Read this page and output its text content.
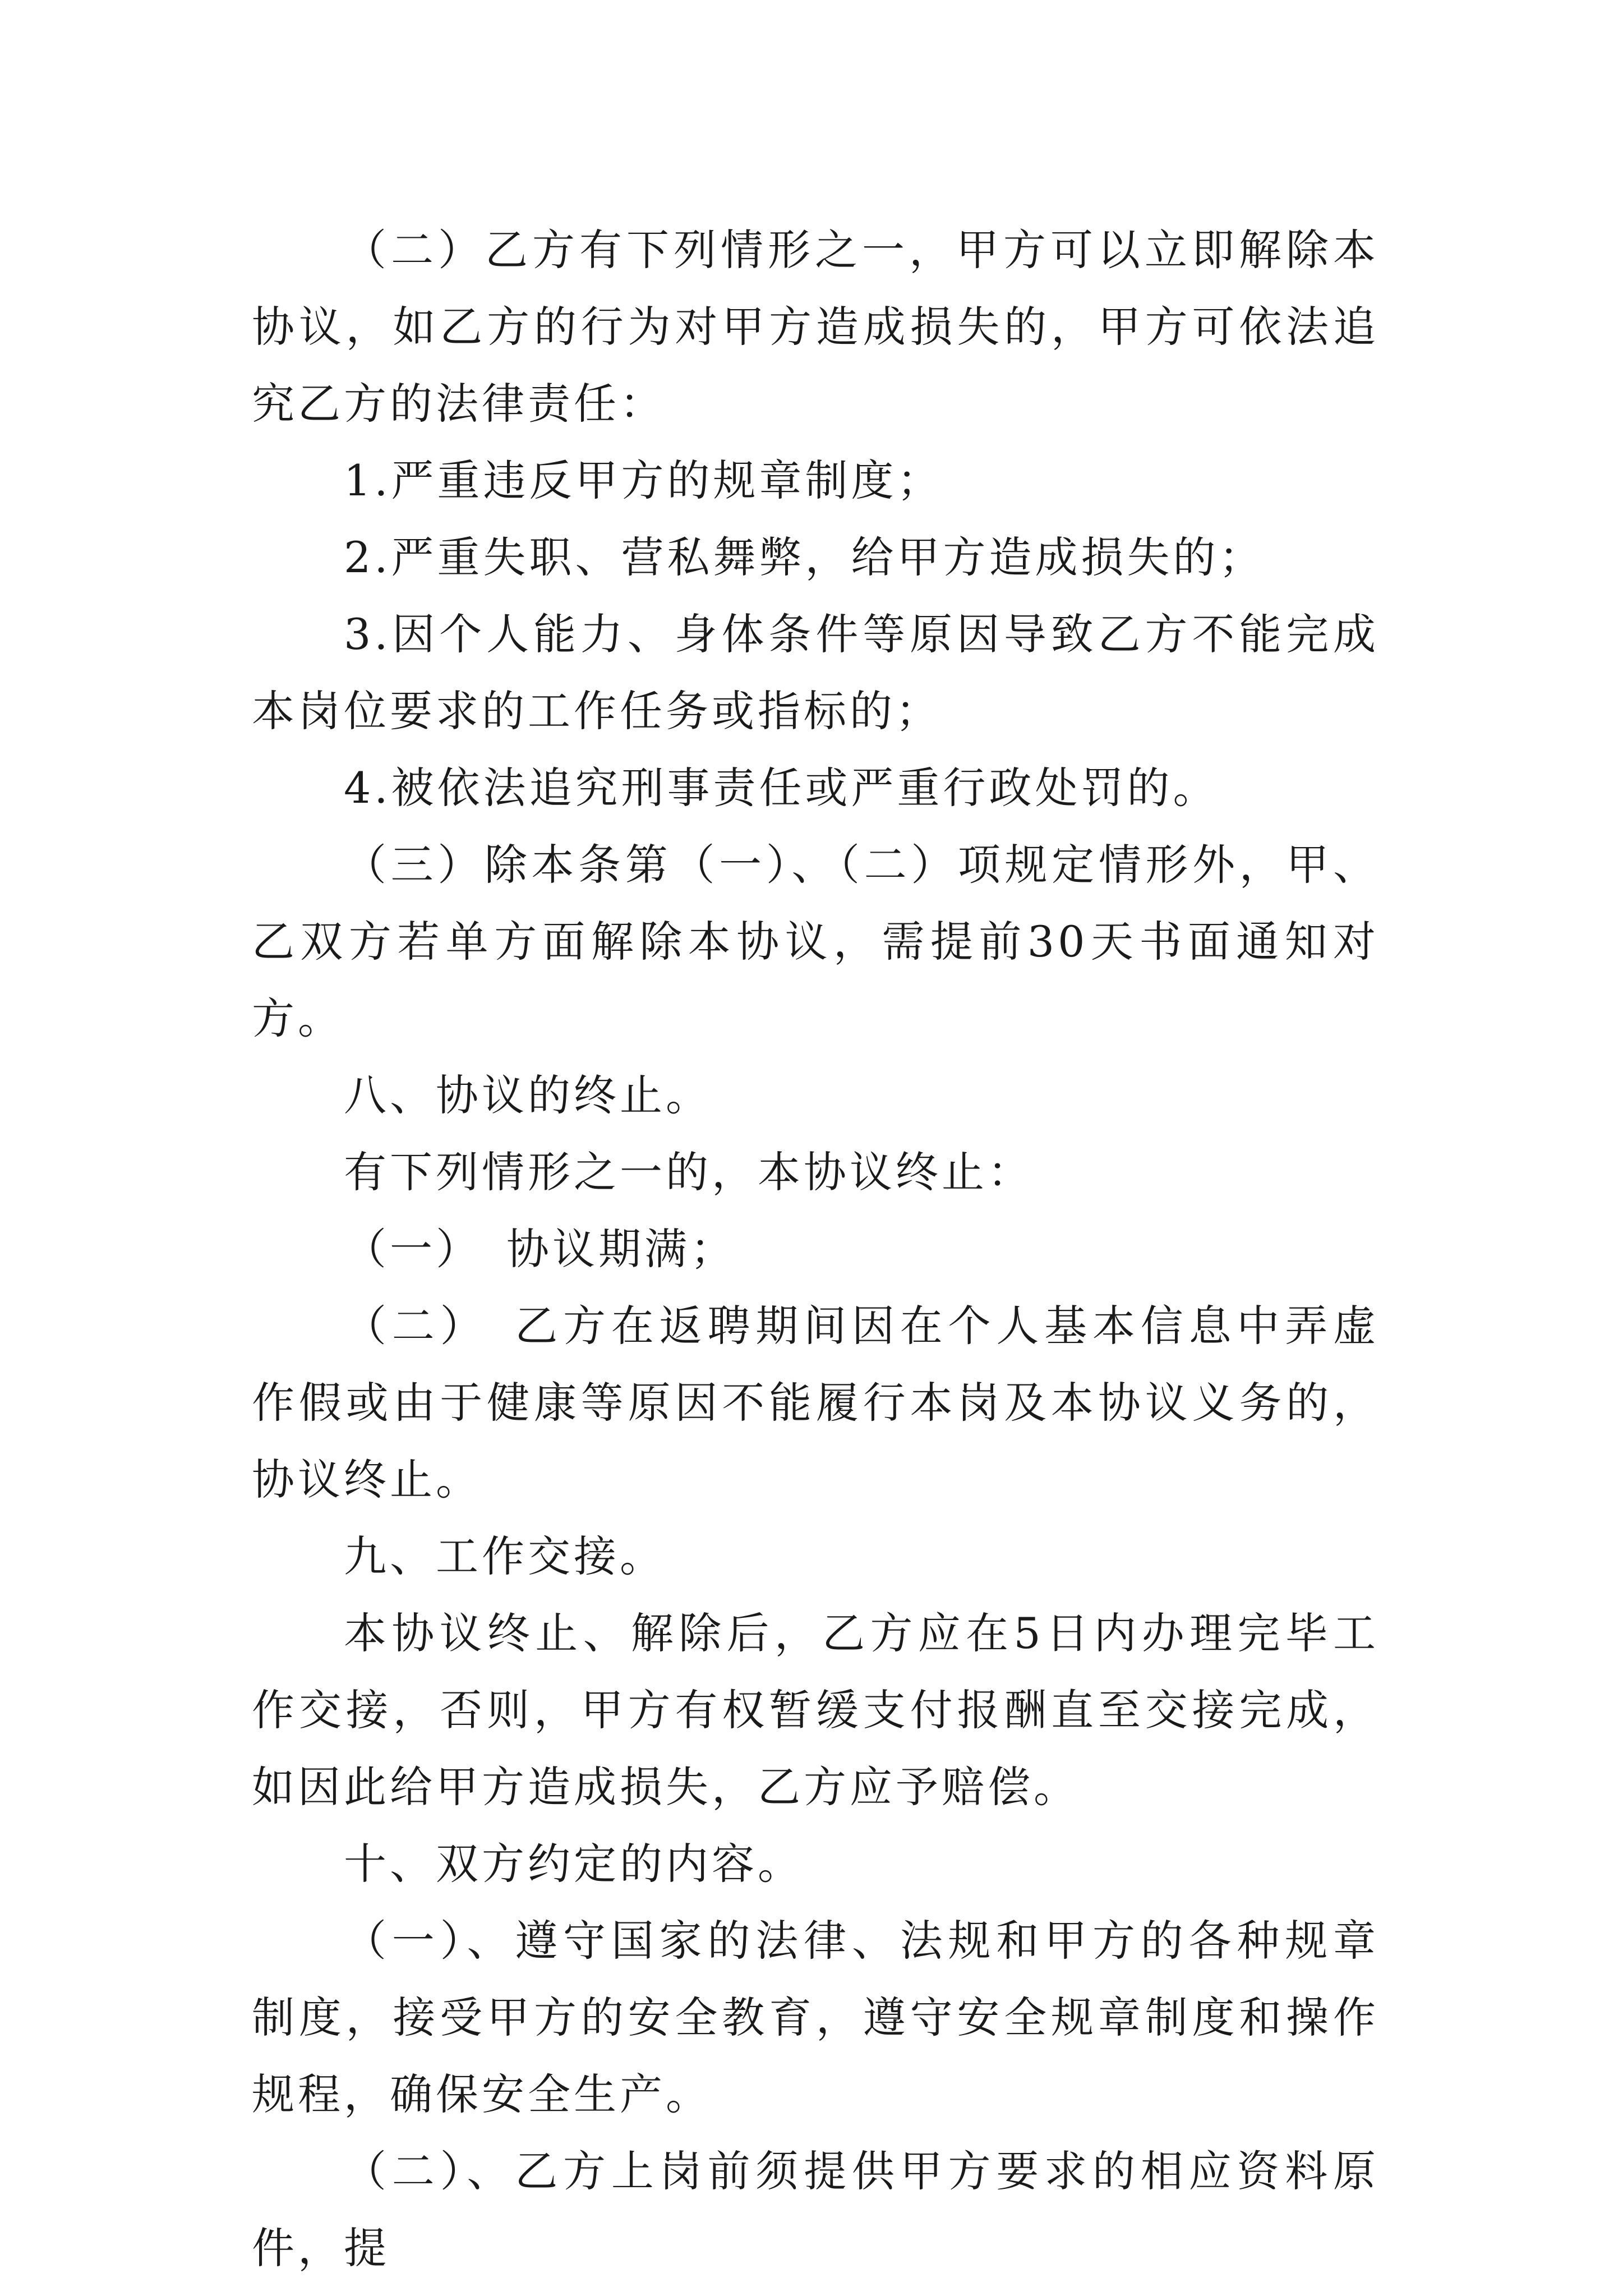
（二）乙方有下列情形之一，甲方可以立即解除本协议，如乙方的行为对甲方造成损失的，甲方可依法追究乙方的法律责任：

1.严重违反甲方的规章制度；

2.严重失职、营私舞弊，给甲方造成损失的；

3.因个人能力、身体条件等原因导致乙方不能完成本岗位要求的工作任务或指标的；

4.被依法追究刑事责任或严重行政处罚的。

（三）除本条第（一）、（二）项规定情形外，甲、乙双方若单方面解除本协议，需提前30天书面通知对方。

八、协议的终止。

有下列情形之一的，本协议终止：

（一）　协议期满；

（二）　乙方在返聘期间因在个人基本信息中弄虚作假或由于健康等原因不能履行本岗及本协议义务的，协议终止。

九、工作交接。

本协议终止、解除后，乙方应在5日内办理完毕工作交接，否则，甲方有权暂缓支付报酬直至交接完成，如因此给甲方造成损失，乙方应予赔偿。

十、双方约定的内容。

（一）、遵守国家的法律、法规和甲方的各种规章制度，接受甲方的安全教育，遵守安全规章制度和操作规程，确保安全生产。

（二）、乙方上岗前须提供甲方要求的相应资料原件，提
